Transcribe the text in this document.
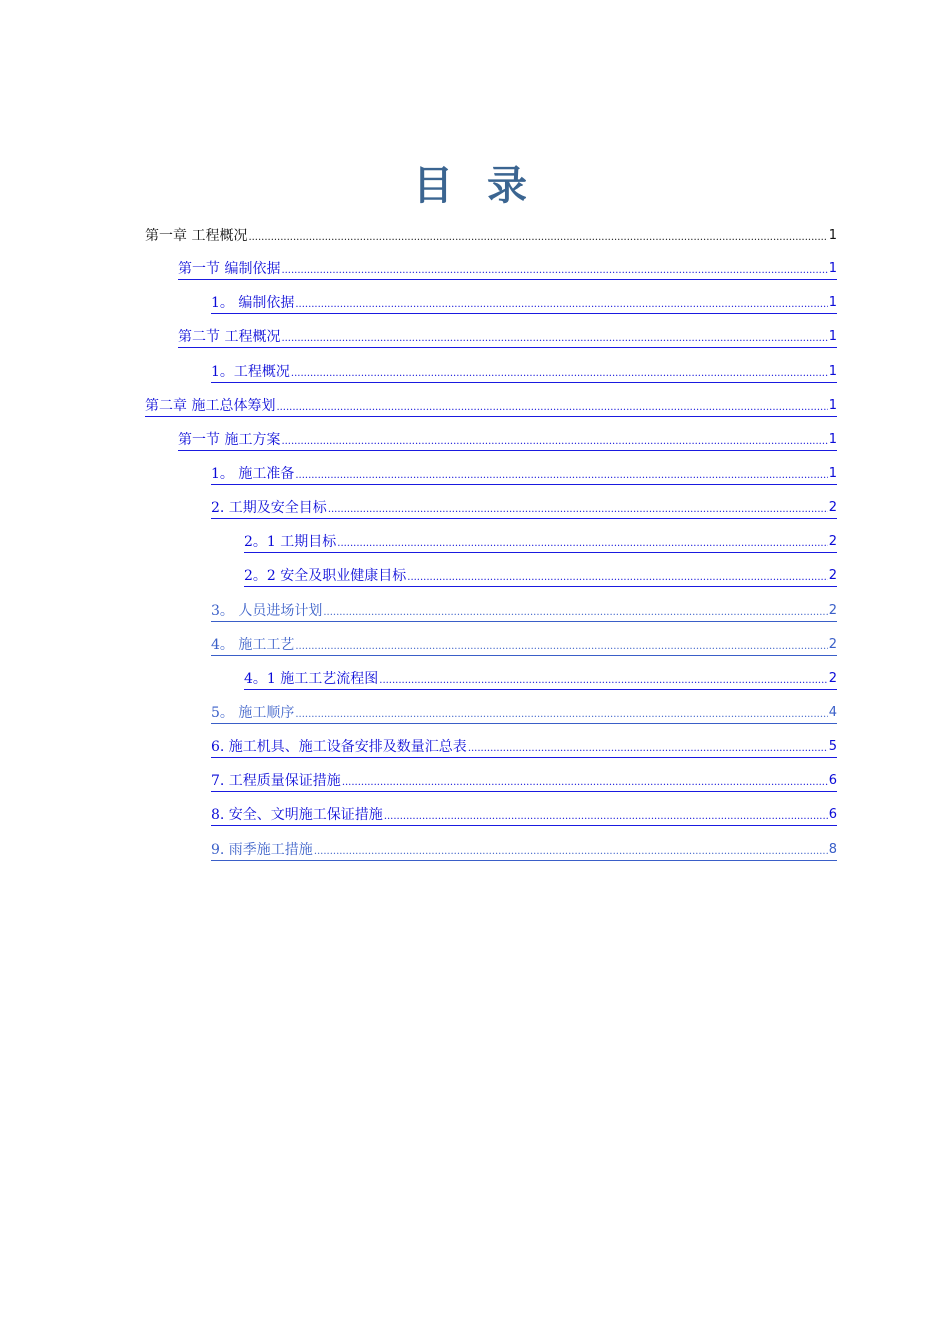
目 录
第一章 工程概况 .....	1
第一节 编制依据 .....	1
1。 编制依据 .....	1
第二节 工程概况 .....	1
1。工程概况 .....	1
第二章 施工总体筹划 .....	1
第一节 施工方案 .....	1
1。 施工准备 .....	1
2. 工期及安全目标 .....	2
2。1 工期目标 .....	2
2。2 安全及职业健康目标 .....	2
3。 人员进场计划 .....	2
4。 施工工艺 .....	2
4。1 施工工艺流程图 .....	2
5。 施工顺序 .....	4
6. 施工机具、施工设备安排及数量汇总表 .....	5
7. 工程质量保证措施 .....	6
8. 安全、文明施工保证措施 .....	6
9. 雨季施工措施 .....	8
